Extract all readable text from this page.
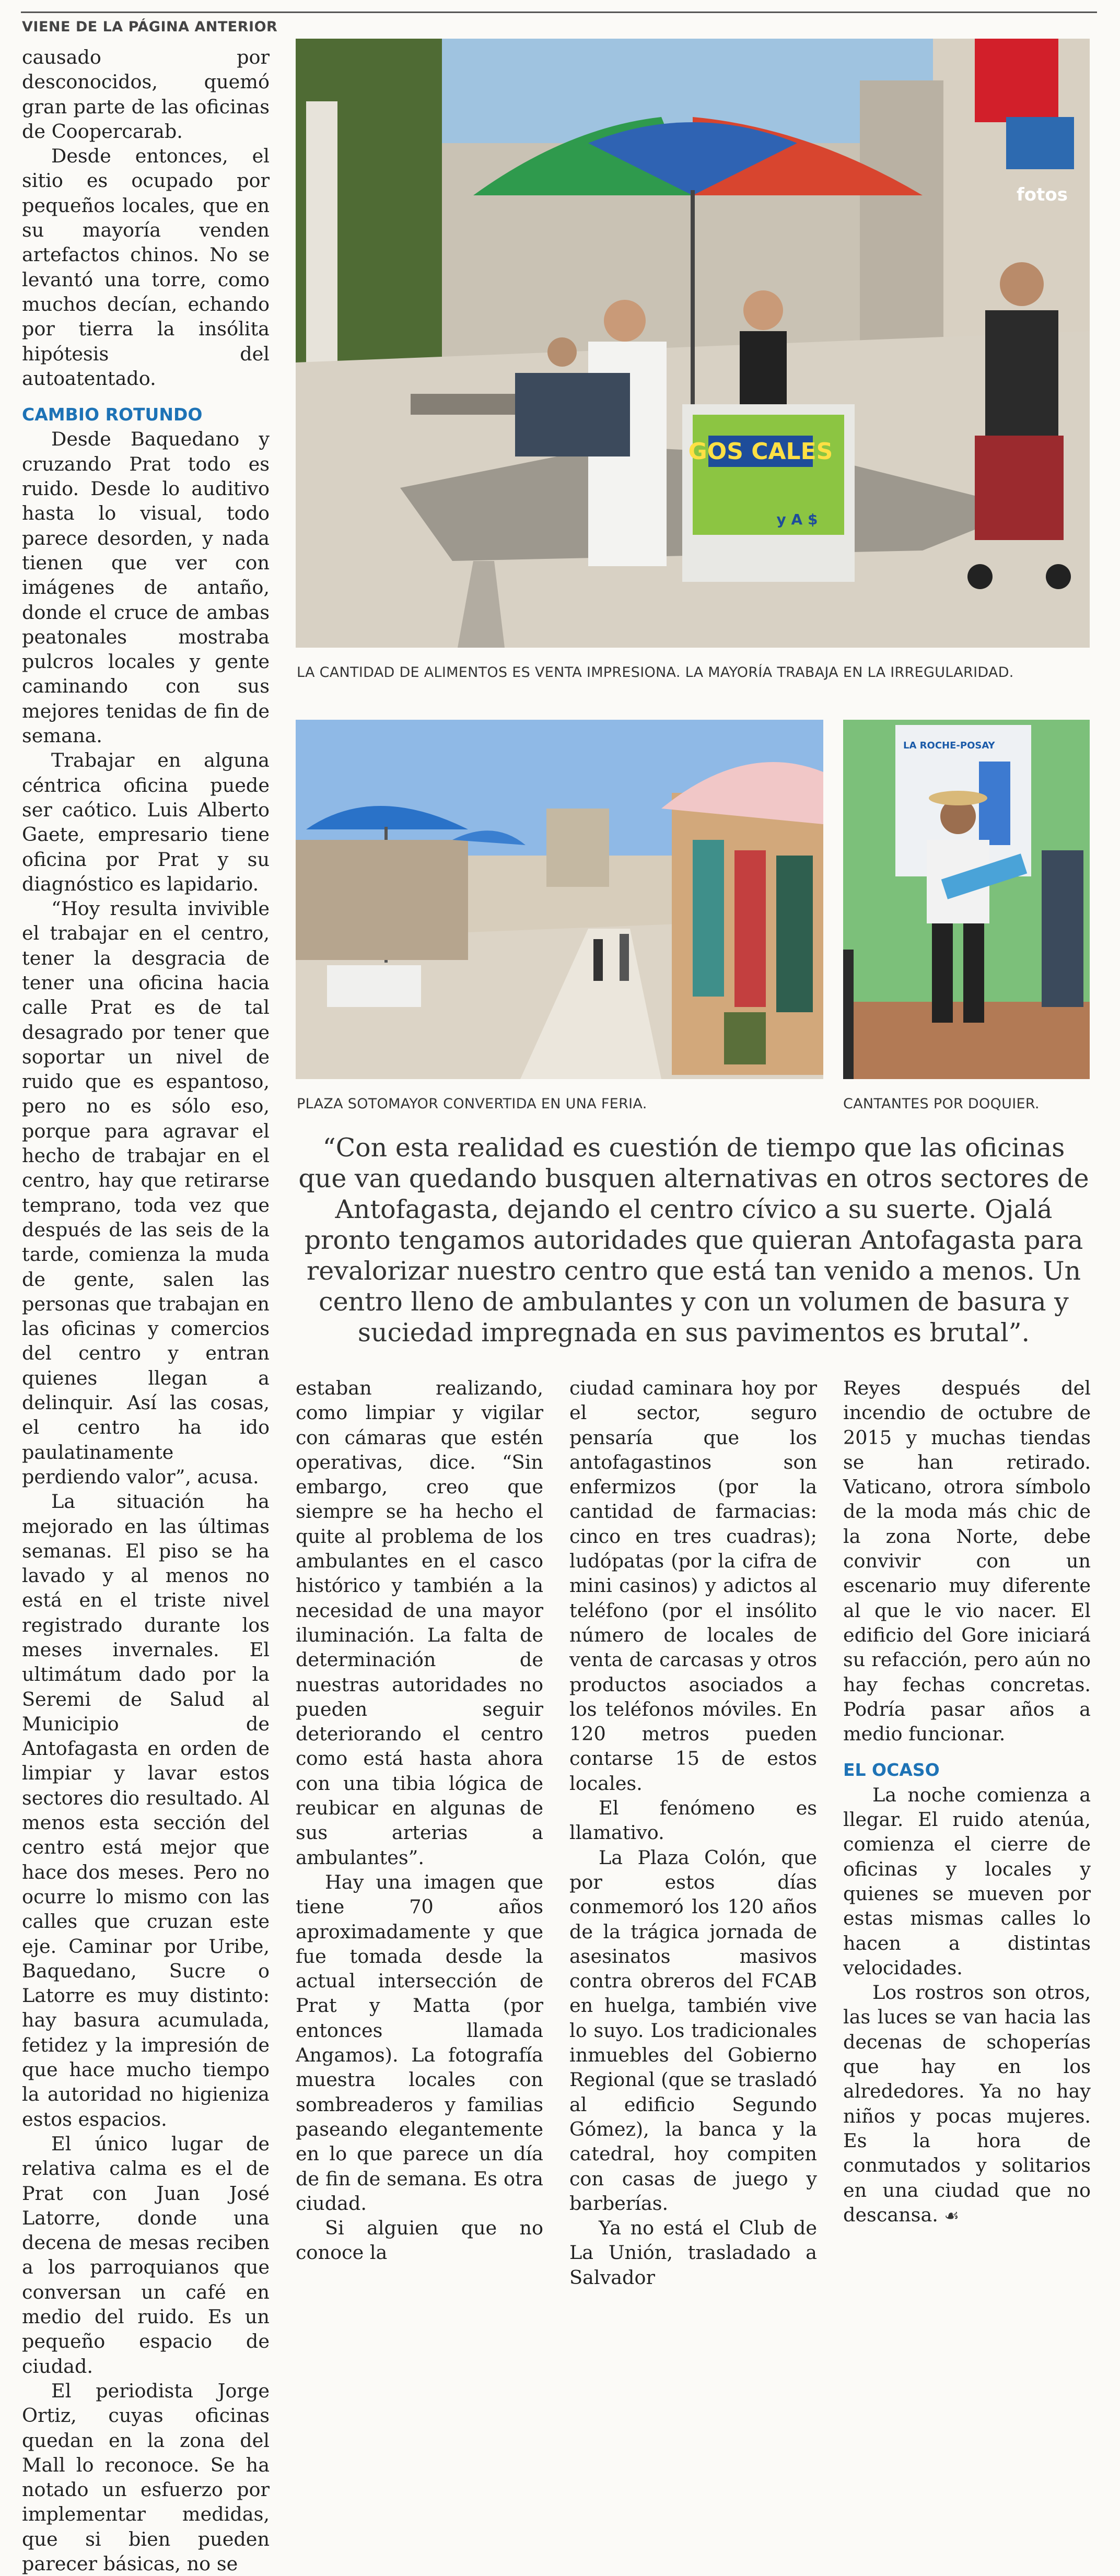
VIENE DE LA PÁGINA ANTERIOR

causado por desconocidos, quemó gran parte de las oficinas de Coopercarab.

Desde entonces, el sitio es ocupado por pequeños locales, que en su mayoría venden artefactos chinos. No se levantó una torre, como muchos decían, echando por tierra la insólita hipótesis del autoatentado.

CAMBIO ROTUNDO

Desde Baquedano y cruzando Prat todo es ruido. Desde lo auditivo hasta lo visual, todo parece desorden, y nada tienen que ver con imágenes de antaño, donde el cruce de ambas peatonales mostraba pulcros locales y gente caminando con sus mejores tenidas de fin de semana.

Trabajar en alguna céntrica oficina puede ser caótico. Luis Alberto Gaete, empresario tiene oficina por Prat y su diagnóstico es lapidario.

“Hoy resulta invivible el trabajar en el centro, tener la desgracia de tener una oficina hacia calle Prat es de tal desagrado por tener que soportar un nivel de ruido que es espantoso, pero no es sólo eso, porque para agravar el hecho de trabajar en el centro, hay que retirarse temprano, toda vez que después de las seis de la tarde, comienza la muda de gente, salen las personas que trabajan en las oficinas y comercios del centro y entran quienes llegan a delinquir. Así las cosas, el centro ha ido paulatinamente perdiendo valor”, acusa.

La situación ha mejorado en las últimas semanas. El piso se ha lavado y al menos no está en el triste nivel registrado durante los meses invernales. El ultimátum dado por la Seremi de Salud al Municipio de Antofagasta en orden de limpiar y lavar estos sectores dio resultado. Al menos esta sección del centro está mejor que hace dos meses. Pero no ocurre lo mismo con las calles que cruzan este eje. Caminar por Uribe, Baquedano, Sucre o Latorre es muy distinto: hay basura acumulada, fetidez y la impresión de que hace mucho tiempo la autoridad no higieniza estos espacios.

El único lugar de relativa calma es el de Prat con Juan José Latorre, donde una decena de mesas reciben a los parroquianos que conversan un café en medio del ruido. Es un pequeño espacio de ciudad.

El periodista Jorge Ortiz, cuyas oficinas quedan en la zona del Mall lo reconoce. Se ha notado un esfuerzo por implementar medidas, que si bien pueden parecer básicas, no se

GOS CALES
y A $
fotos
LA CANTIDAD DE ALIMENTOS ES VENTA IMPRESIONA. LA MAYORÍA TRABAJA EN LA IRREGULARIDAD.
PLAZA SOTOMAYOR CONVERTIDA EN UNA FERIA.
LA ROCHE-POSAY
CANTANTES POR DOQUIER.
“Con esta realidad es cuestión de tiempo que las oficinas que van quedando busquen alternativas en otros sectores de Antofagasta, dejando el centro cívico a su suerte. Ojalá pronto tengamos autoridades que quieran Antofagasta para revalorizar nuestro centro que está tan venido a menos. Un centro lleno de ambulantes y con un volumen de basura y suciedad impregnada en sus pavimentos es brutal”.

estaban realizando, como limpiar y vigilar con cámaras que estén operativas, dice. “Sin embargo, creo que siempre se ha hecho el quite al problema de los ambulantes en el casco histórico y también a la necesidad de una mayor iluminación. La falta de determinación de nuestras autoridades no pueden seguir deteriorando el centro como está hasta ahora con una tibia lógica de reubicar en algunas de sus arterias a ambulantes”.

Hay una imagen que tiene 70 años aproximadamente y que fue tomada desde la actual intersección de Prat y Matta (por entonces llamada Angamos). La fotografía muestra locales con sombreaderos y familias paseando elegantemente en lo que parece un día de fin de semana. Es otra ciudad.

Si alguien que no conoce la

ciudad caminara hoy por el sector, seguro pensaría que los antofagastinos son enfermizos (por la cantidad de farmacias: cinco en tres cuadras); ludópatas (por la cifra de mini casinos) y adictos al teléfono (por el insólito número de locales de venta de carcasas y otros productos asociados a los teléfonos móviles. En 120 metros pueden contarse 15 de estos locales.

El fenómeno es llamativo.

La Plaza Colón, que por estos días conmemoró los 120 años de la trágica jornada de asesinatos masivos contra obreros del FCAB en huelga, también vive lo suyo. Los tradicionales inmuebles del Gobierno Regional (que se trasladó al edificio Segundo Gómez), la banca y la catedral, hoy compiten con casas de juego y barberías.

Ya no está el Club de La Unión, trasladado a Salvador

Reyes después del incendio de octubre de 2015 y muchas tiendas se han retirado. Vaticano, otrora símbolo de la moda más chic de la zona Norte, debe convivir con un escenario muy diferente al que le vio nacer. El edificio del Gore iniciará su refacción, pero aún no hay fechas concretas. Podría pasar años a medio funcionar.

EL OCASO

La noche comienza a llegar. El ruido atenúa, comienza el cierre de oficinas y locales y quienes se mueven por estas mismas calles lo hacen a distintas velocidades.

Los rostros son otros, las luces se van hacia las decenas de schoperías que hay en los alrededores. Ya no hay niños y pocas mujeres. Es la hora de conmutados y solitarios en una ciudad que no descansa. ☙
